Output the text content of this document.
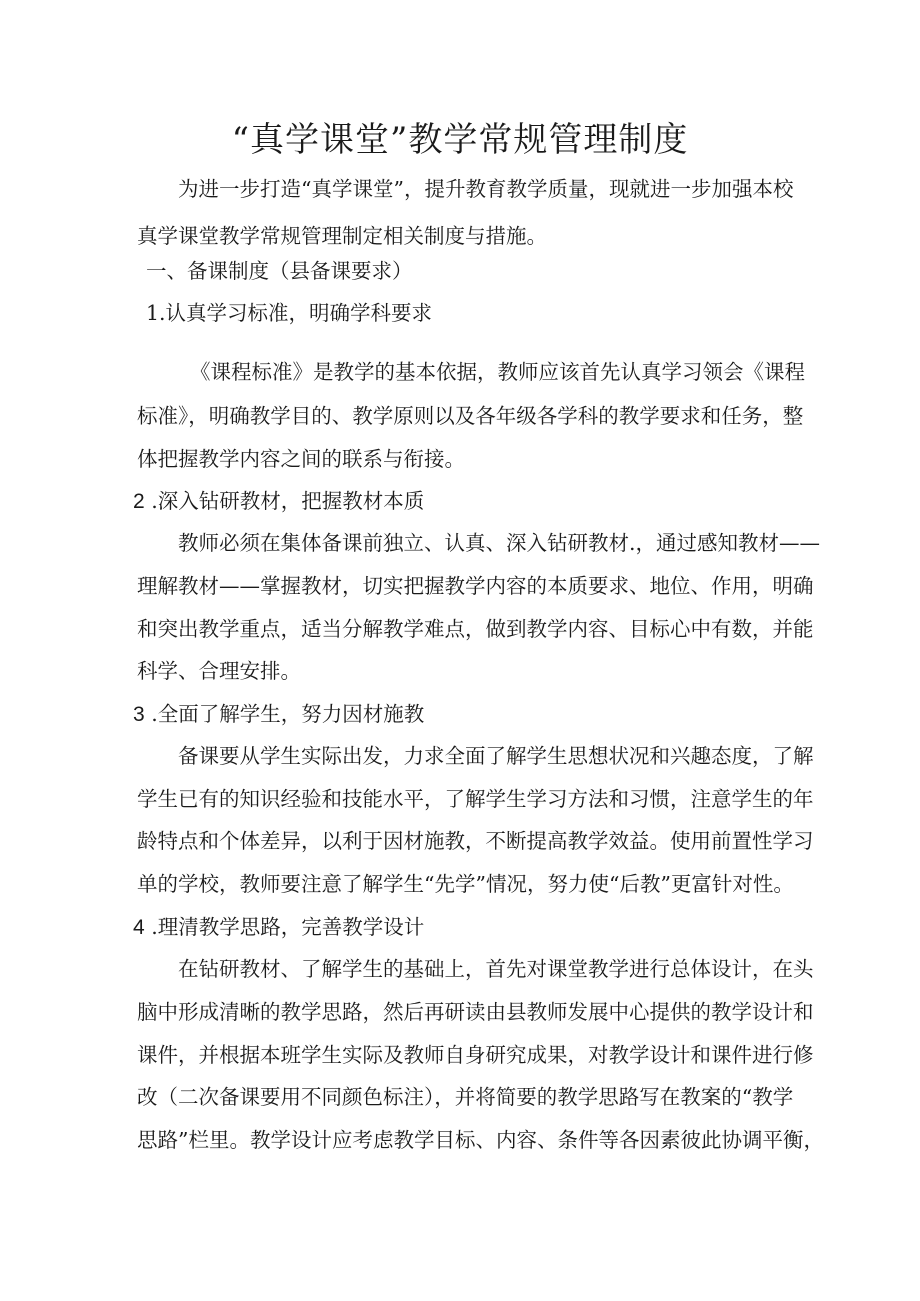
“真学课堂”教学常规管理制度

为进一步打造“真学课堂”，提升教育教学质量，现就进一步加强本校

真学课堂教学常规管理制定相关制度与措施。

一、备课制度（县备课要求）

1.认真学习标准，明确学科要求

《课程标准》是教学的基本依据，教师应该首先认真学习领会《课程

标准》，明确教学目的、教学原则以及各年级各学科的教学要求和任务，整

体把握教学内容之间的联系与衔接。

2 .深入钻研教材，把握教材本质

教师必须在集体备课前独立、认真、深入钻研教材.，通过感知教材——

理解教材——掌握教材，切实把握教学内容的本质要求、地位、作用，明确

和突出教学重点，适当分解教学难点，做到教学内容、目标心中有数，并能

科学、合理安排。

3 .全面了解学生，努力因材施教

备课要从学生实际出发，力求全面了解学生思想状况和兴趣态度，了解

学生已有的知识经验和技能水平，了解学生学习方法和习惯，注意学生的年

龄特点和个体差异，以利于因材施教，不断提高教学效益。使用前置性学习

单的学校，教师要注意了解学生“先学”情况，努力使“后教”更富针对性。

4 .理清教学思路，完善教学设计

在钻研教材、了解学生的基础上，首先对课堂教学进行总体设计，在头

脑中形成清晰的教学思路，然后再研读由县教师发展中心提供的教学设计和

课件，并根据本班学生实际及教师自身研究成果，对教学设计和课件进行修

改（二次备课要用不同颜色标注），并将简要的教学思路写在教案的“教学

思路”栏里。教学设计应考虑教学目标、内容、条件等各因素彼此协调平衡，
